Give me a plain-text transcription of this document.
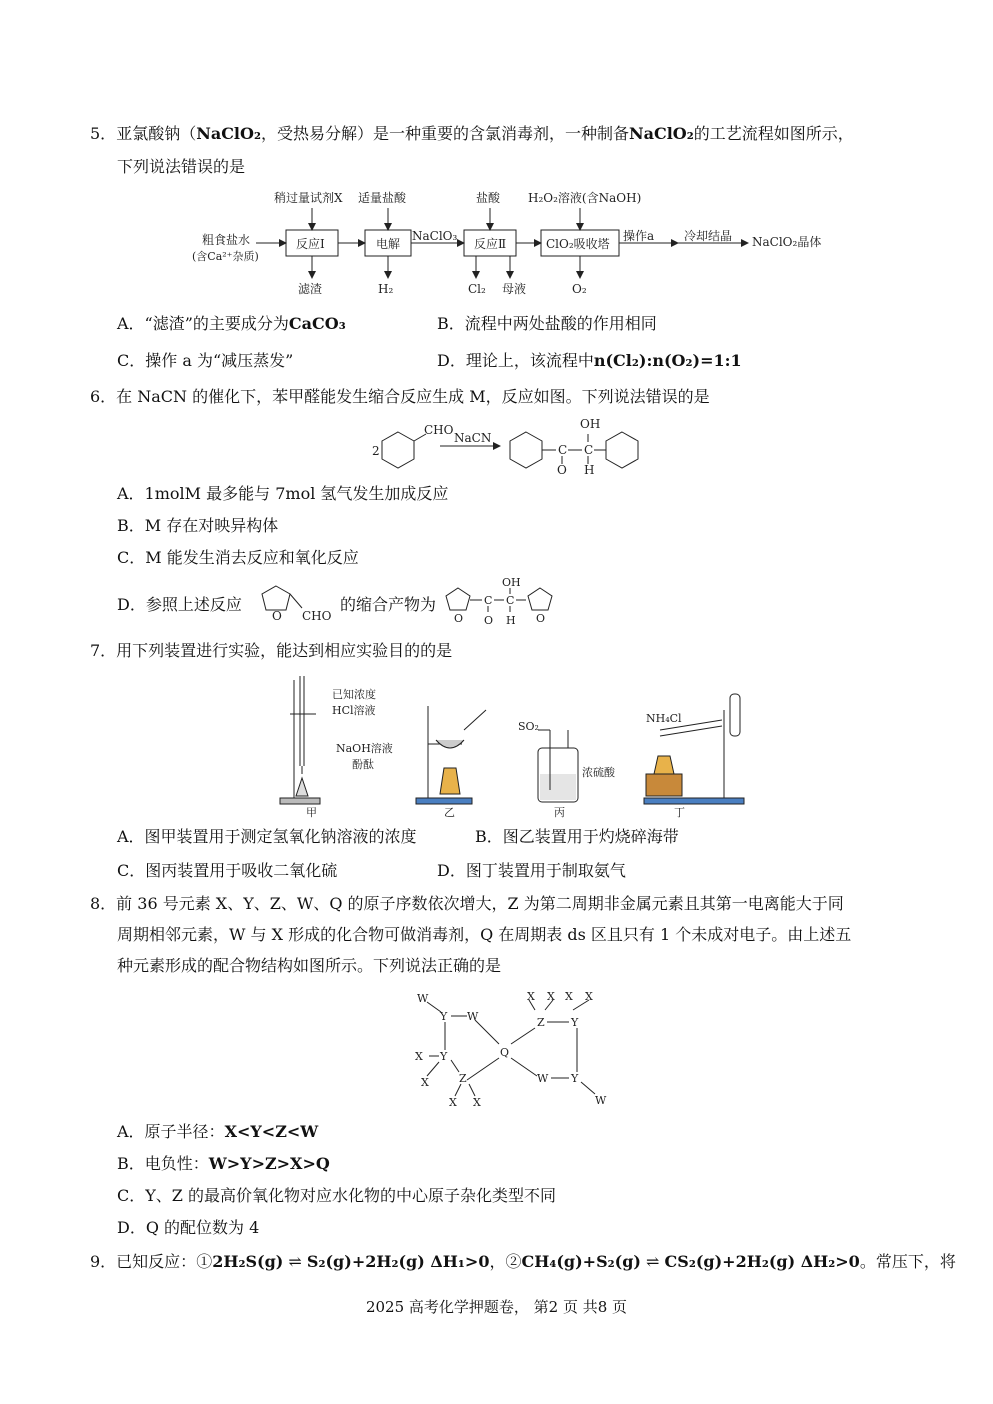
5．亚氯酸钠（NaClO₂，受热易分解）是一种重要的含氯消毒剂，一种制备NaClO₂的工艺流程如图所示，
下列说法错误的是
粗食盐水
(含Ca²⁺杂质)
稍过量试剂X 适量盐酸	盐酸 H₂O₂溶液(含NaOH)
NaClO₃	操作a 冷却结晶 NaClO₂晶体
滤渣	H₂	Cl₂ 母液	O₂
反应Ⅰ	电解	反应Ⅱ	ClO₂吸收塔
A．“滤渣”的主要成分为CaCO₃	B．流程中两处盐酸的作用相同
C．操作 a 为“减压蒸发”	D．理论上，该流程中n(Cl₂):n(O₂)=1:1
6．在 NaCN 的催化下，苯甲醛能发生缩合反应生成 M，反应如图。下列说法错误的是
2
CHO
NaCN
C C
O
OH
H
A．1molM 最多能与 7mol 氢气发生加成反应
B．M 存在对映异构体
C．M 能发生消去反应和氧化反应
D．参照上述反应
O CHO
的缩合产物为
O
C C
O
OH
H O
7．用下列装置进行实验，能达到相应实验目的的是
已知浓度
HCl溶液
NaOH溶液
酚酞
甲	乙
SO₂
浓硫酸
丙
NH₄Cl
丁
A．图甲装置用于测定氢氧化钠溶液的浓度	B．图乙装置用于灼烧碎海带
C．图丙装置用于吸收二氧化硫	D．图丁装置用于制取氨气
8．前 36 号元素 X、Y、Z、W、Q 的原子序数依次增大，Z 为第二周期非金属元素且其第一电离能大于同
周期相邻元素，W 与 X 形成的化合物可做消毒剂，Q 在周期表 ds 区且只有 1 个未成对电子。由上述五
种元素形成的配合物结构如图所示。下列说法正确的是
W
Y W
X Y
X	Z
X X
Q
X X X X
Z Y
W Y
W
A．原子半径：X<Y<Z<W
B．电负性：W>Y>Z>X>Q
C．Y、Z 的最高价氧化物对应水化物的中心原子杂化类型不同
D．Q 的配位数为 4
9．已知反应：①2H₂S(g) ⇌ S₂(g)+2H₂(g) ΔH₁>0，②CH₄(g)+S₂(g) ⇌ CS₂(g)+2H₂(g) ΔH₂>0。常压下，将
2025 高考化学押题卷， 第2 页 共8 页
